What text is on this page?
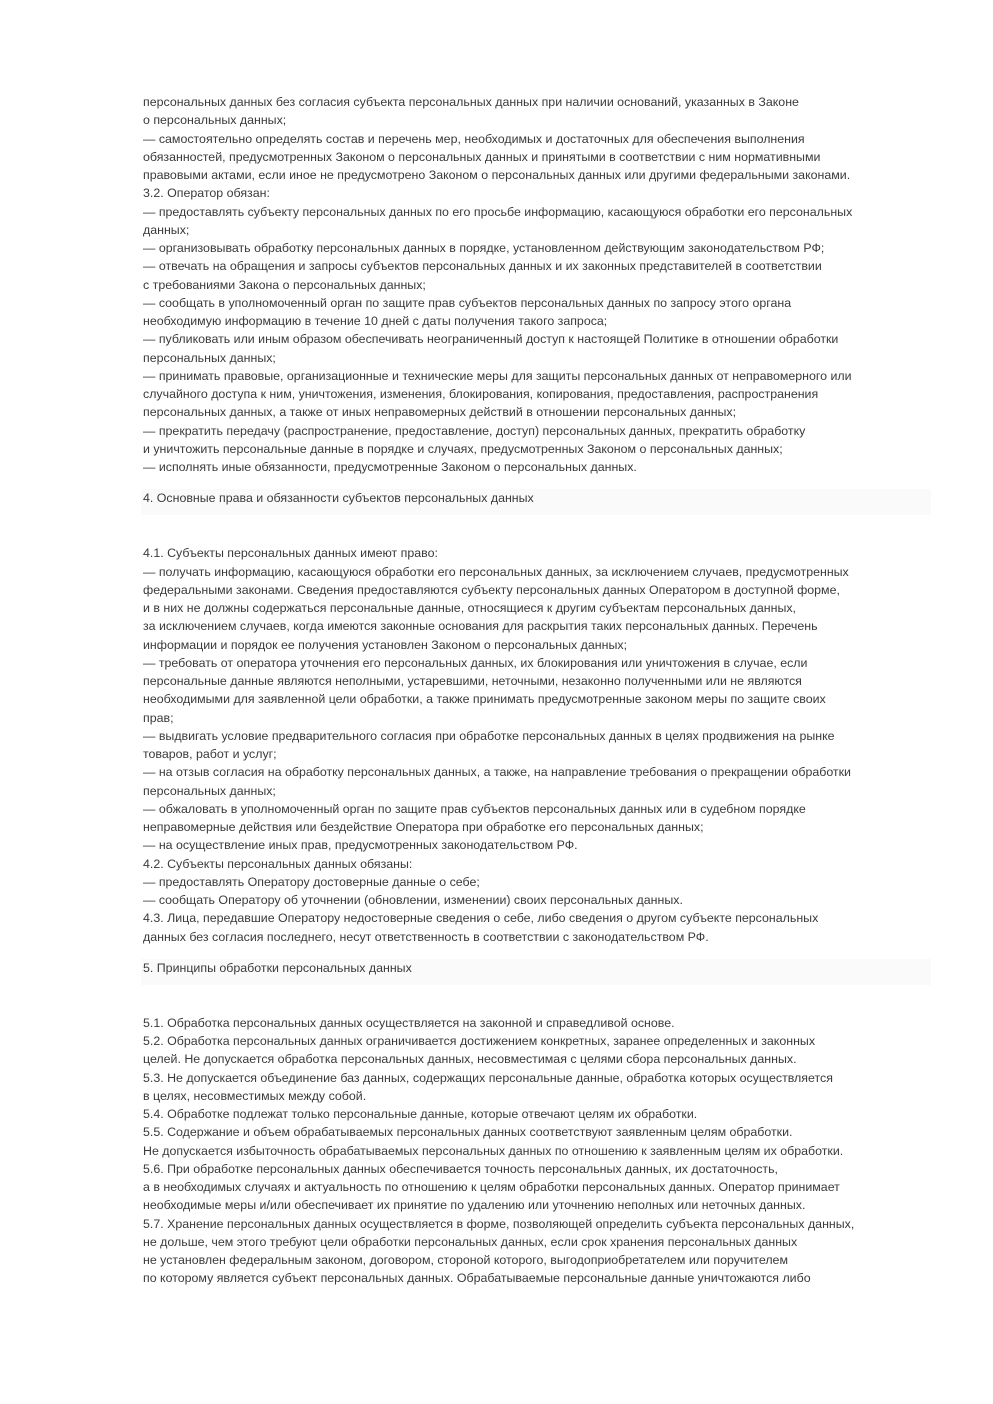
персональных данных без согласия субъекта персональных данных при наличии оснований, указанных в Законе
о персональных данных;
— самостоятельно определять состав и перечень мер, необходимых и достаточных для обеспечения выполнения
обязанностей, предусмотренных Законом о персональных данных и принятыми в соответствии с ним нормативными
правовыми актами, если иное не предусмотрено Законом о персональных данных или другими федеральными законами.
3.2. Оператор обязан:
— предоставлять субъекту персональных данных по его просьбе информацию, касающуюся обработки его персональных
данных;
— организовывать обработку персональных данных в порядке, установленном действующим законодательством РФ;
— отвечать на обращения и запросы субъектов персональных данных и их законных представителей в соответствии
с требованиями Закона о персональных данных;
— сообщать в уполномоченный орган по защите прав субъектов персональных данных по запросу этого органа
необходимую информацию в течение 10 дней с даты получения такого запроса;
— публиковать или иным образом обеспечивать неограниченный доступ к настоящей Политике в отношении обработки
персональных данных;
— принимать правовые, организационные и технические меры для защиты персональных данных от неправомерного или
случайного доступа к ним, уничтожения, изменения, блокирования, копирования, предоставления, распространения
персональных данных, а также от иных неправомерных действий в отношении персональных данных;
— прекратить передачу (распространение, предоставление, доступ) персональных данных, прекратить обработку
и уничтожить персональные данные в порядке и случаях, предусмотренных Законом о персональных данных;
— исполнять иные обязанности, предусмотренные Законом о персональных данных.
4. Основные права и обязанности субъектов персональных данных
4.1. Субъекты персональных данных имеют право:
— получать информацию, касающуюся обработки его персональных данных, за исключением случаев, предусмотренных
федеральными законами. Сведения предоставляются субъекту персональных данных Оператором в доступной форме,
и в них не должны содержаться персональные данные, относящиеся к другим субъектам персональных данных,
за исключением случаев, когда имеются законные основания для раскрытия таких персональных данных. Перечень
информации и порядок ее получения установлен Законом о персональных данных;
— требовать от оператора уточнения его персональных данных, их блокирования или уничтожения в случае, если
персональные данные являются неполными, устаревшими, неточными, незаконно полученными или не являются
необходимыми для заявленной цели обработки, а также принимать предусмотренные законом меры по защите своих
прав;
— выдвигать условие предварительного согласия при обработке персональных данных в целях продвижения на рынке
товаров, работ и услуг;
— на отзыв согласия на обработку персональных данных, а также, на направление требования о прекращении обработки
персональных данных;
— обжаловать в уполномоченный орган по защите прав субъектов персональных данных или в судебном порядке
неправомерные действия или бездействие Оператора при обработке его персональных данных;
— на осуществление иных прав, предусмотренных законодательством РФ.
4.2. Субъекты персональных данных обязаны:
— предоставлять Оператору достоверные данные о себе;
— сообщать Оператору об уточнении (обновлении, изменении) своих персональных данных.
4.3. Лица, передавшие Оператору недостоверные сведения о себе, либо сведения о другом субъекте персональных
данных без согласия последнего, несут ответственность в соответствии с законодательством РФ.
5. Принципы обработки персональных данных
5.1. Обработка персональных данных осуществляется на законной и справедливой основе.
5.2. Обработка персональных данных ограничивается достижением конкретных, заранее определенных и законных
целей. Не допускается обработка персональных данных, несовместимая с целями сбора персональных данных.
5.3. Не допускается объединение баз данных, содержащих персональные данные, обработка которых осуществляется
в целях, несовместимых между собой.
5.4. Обработке подлежат только персональные данные, которые отвечают целям их обработки.
5.5. Содержание и объем обрабатываемых персональных данных соответствуют заявленным целям обработки.
Не допускается избыточность обрабатываемых персональных данных по отношению к заявленным целям их обработки.
5.6. При обработке персональных данных обеспечивается точность персональных данных, их достаточность,
а в необходимых случаях и актуальность по отношению к целям обработки персональных данных. Оператор принимает
необходимые меры и/или обеспечивает их принятие по удалению или уточнению неполных или неточных данных.
5.7. Хранение персональных данных осуществляется в форме, позволяющей определить субъекта персональных данных,
не дольше, чем этого требуют цели обработки персональных данных, если срок хранения персональных данных
не установлен федеральным законом, договором, стороной которого, выгодоприобретателем или поручителем
по которому является субъект персональных данных. Обрабатываемые персональные данные уничтожаются либо
